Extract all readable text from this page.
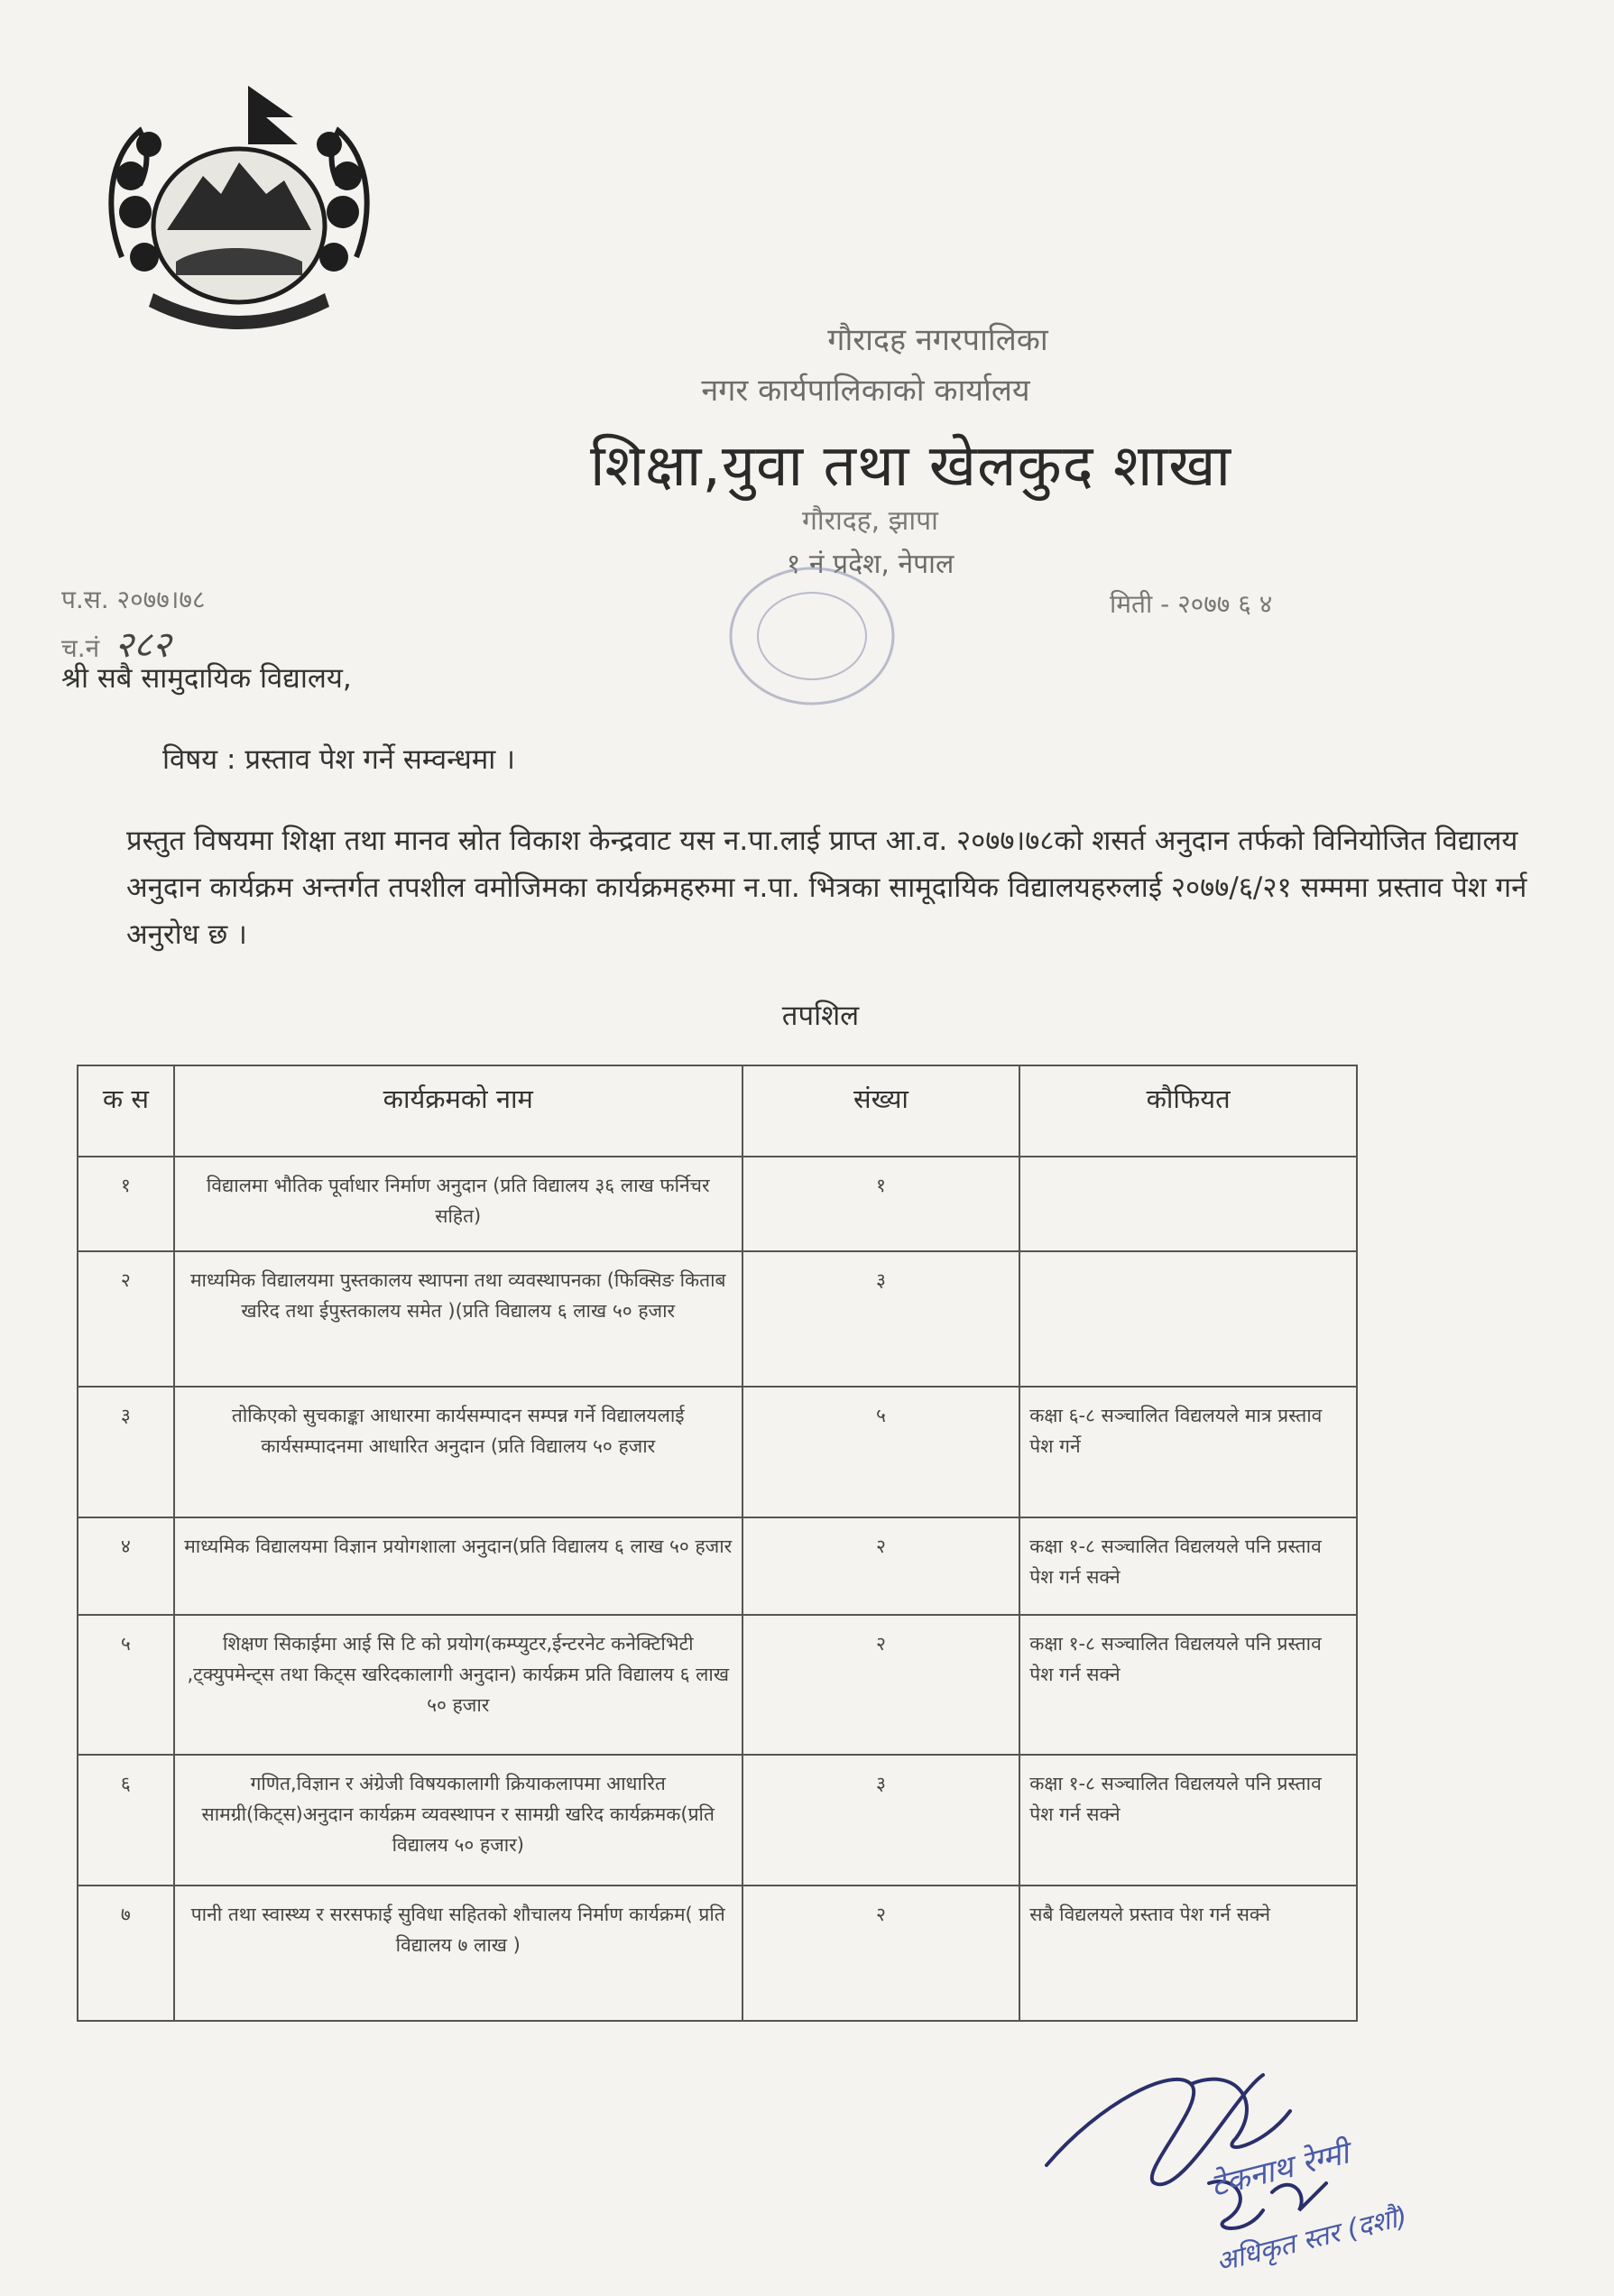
गौरादह नगरपालिका
नगर कार्यपालिकाको कार्यालय
शिक्षा,युवा तथा खेलकुद शाखा
गौरादह, झापा
१ नं प्रदेश, नेपाल
प.स. २०७७।७८
च.नं २८२
मिती - २०७७ ६ ४
श्री सबै सामुदायिक विद्यालय,
विषय : प्रस्ताव पेश गर्ने सम्वन्धमा ।
प्रस्तुत विषयमा शिक्षा तथा मानव स्रोत विकाश केन्द्रवाट यस न.पा.लाई प्राप्त आ.व. २०७७।७८को शसर्त अनुदान तर्फको विनियोजित विद्यालय अनुदान कार्यक्रम अन्तर्गत तपशील वमोजिमका कार्यक्रमहरुमा न.पा. भित्रका सामूदायिक विद्यालयहरुलाई २०७७/६/२१ सम्ममा प्रस्ताव पेश गर्न अनुरोध छ ।
तपशिल
क स	कार्यक्रमको नाम	संख्या	कौफियत
१	विद्यालमा भौतिक पूर्वाधार निर्माण अनुदान (प्रति विद्यालय ३६ लाख फर्निचर सहित)	१	
२	माध्यमिक विद्यालयमा पुस्तकालय स्थापना तथा व्यवस्थापनका (फिक्सिङ किताब खरिद तथा ईपुस्तकालय समेत )(प्रति विद्यालय ६ लाख ५० हजार	३	
३	तोकिएको सुचकाङ्का आधारमा कार्यसम्पादन सम्पन्न गर्ने विद्यालयलाई कार्यसम्पादनमा आधारित अनुदान (प्रति विद्यालय ५० हजार	५	कक्षा ६-८ सञ्चालित विद्यलयले मात्र प्रस्ताव पेश गर्ने
४	माध्यमिक विद्यालयमा विज्ञान प्रयोगशाला अनुदान(प्रति विद्यालय ६ लाख ५० हजार	२	कक्षा १-८ सञ्चालित विद्यलयले पनि प्रस्ताव पेश गर्न सक्ने
५	शिक्षण सिकाईमा आई सि टि को प्रयोग(कम्प्युटर,ईन्टरनेट कनेक्टिभिटी ,ट्क्युपमेन्ट्स तथा किट्स खरिदकालागी अनुदान) कार्यक्रम प्रति विद्यालय ६ लाख ५० हजार	२	कक्षा १-८ सञ्चालित विद्यलयले पनि प्रस्ताव पेश गर्न सक्ने
६	गणित,विज्ञान र अंग्रेजी विषयकालागी क्रियाकलापमा आधारित सामग्री(किट्स)अनुदान कार्यक्रम व्यवस्थापन र सामग्री खरिद कार्यक्रमक(प्रति विद्यालय ५० हजार)	३	कक्षा १-८ सञ्चालित विद्यलयले पनि प्रस्ताव पेश गर्न सक्ने
७	पानी तथा स्वास्थ्य र सरसफाई सुविधा सहितको शौचालय निर्माण कार्यक्रम( प्रति विद्यालय ७ लाख )	२	सबै विद्यलयले प्रस्ताव पेश गर्न सक्ने
टेकनाथ रेग्मी
अधिकृत स्तर (दशौ)
